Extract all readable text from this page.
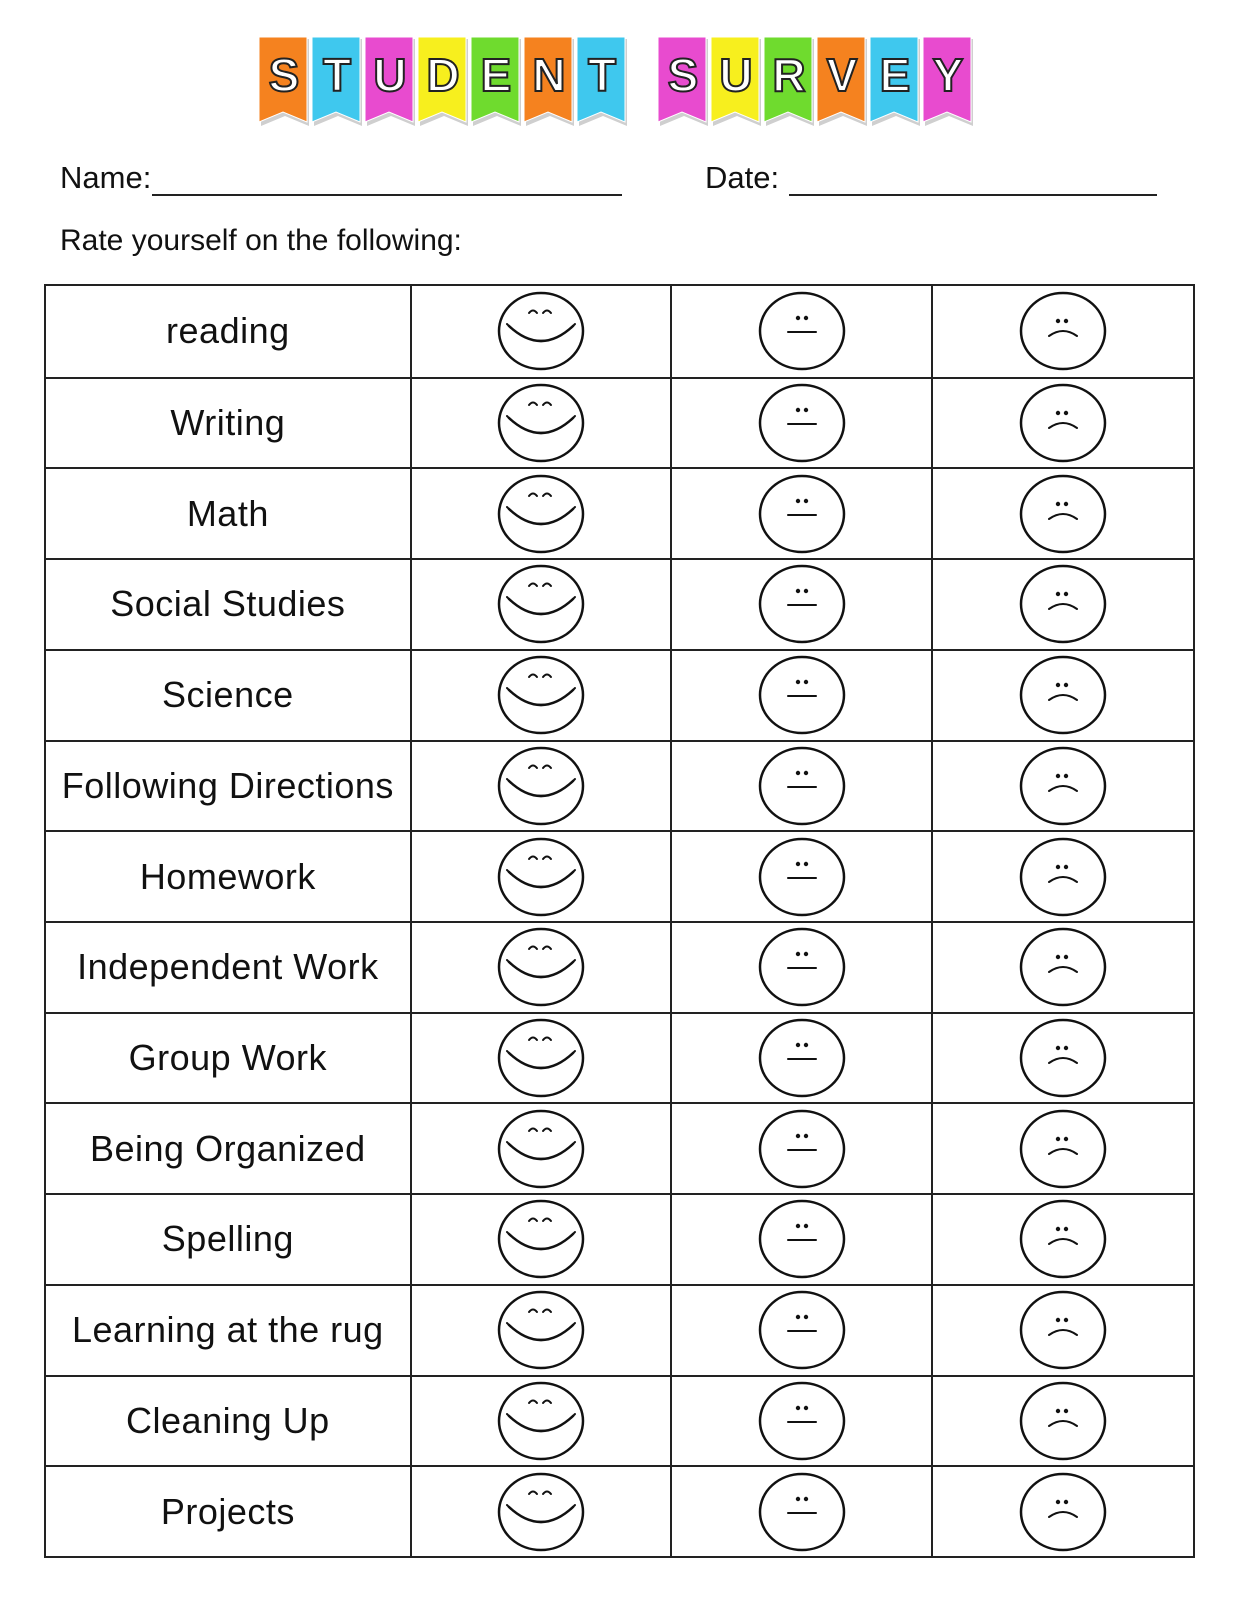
S T U D E N T S U R V E Y
Name:	Date:
Rate yourself on the following:
reading
Writing
Math
Social Studies
Science
Following Directions
Homework
Independent Work
Group Work
Being Organized
Spelling
Learning at the rug
Cleaning Up
Projects
